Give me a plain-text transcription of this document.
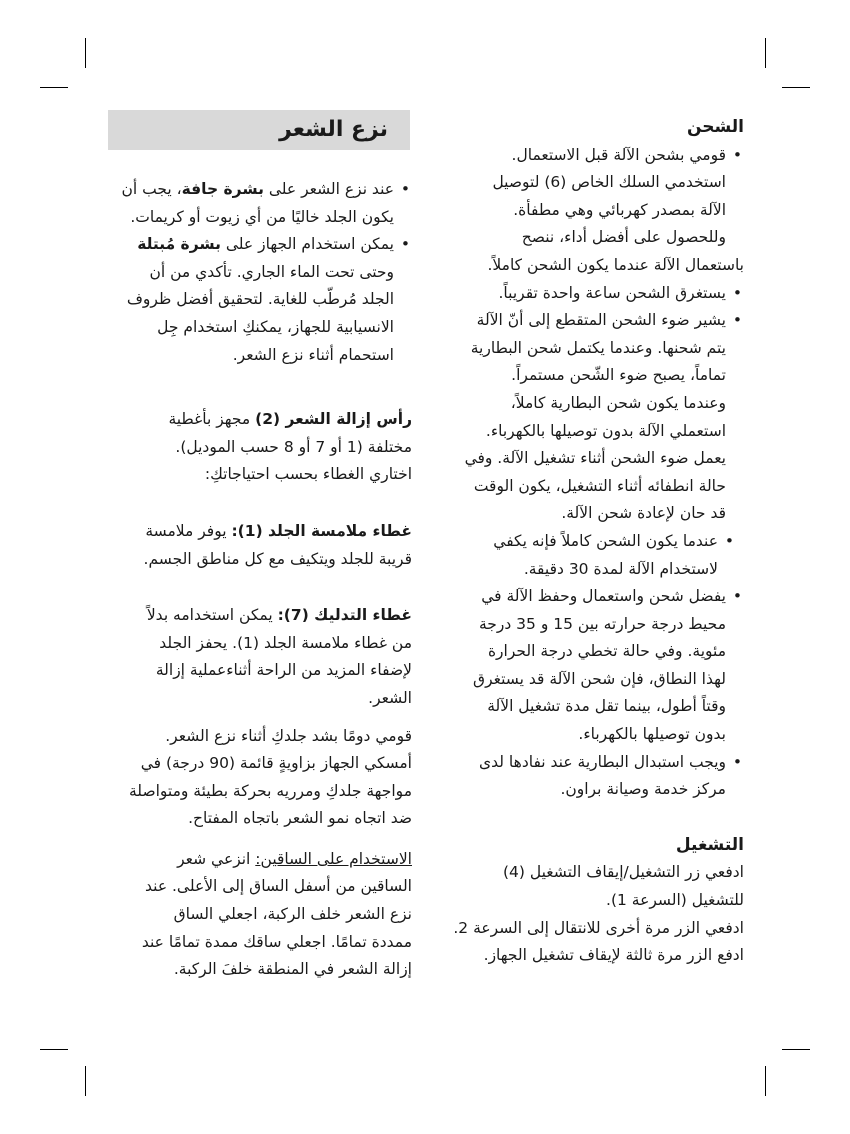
الشحن

• قومي بشحن الآلة قبل الاستعمال.
استخدمي السلك الخاص (6) لتوصيل
الآلة بمصدر كهربائي وهي مطفأة.
وللحصول على أفضل أداء، ننصح
باستعمال الآلة عندما يكون الشحن كاملاً.
• يستغرق الشحن ساعة واحدة تقريباً.
• يشير ضوء الشحن المتقطع إلى أنّ الآلة
يتم شحنها. وعندما يكتمل شحن البطارية
تماماً، يصبح ضوء الشّحن مستمراً.
وعندما يكون شحن البطارية كاملاً،
استعملي الآلة بدون توصيلها بالكهرباء.
يعمل ضوء الشحن أثناء تشغيل الآلة. وفي
حالة انطفائه أثناء التشغيل، يكون الوقت
قد حان لإعادة شحن الآلة.
• عندما يكون الشحن كاملاً فإنه يكفي
لاستخدام الآلة لمدة 30 دقيقة.
• يفضل شحن واستعمال وحفظ الآلة في
محيط درجة حرارته بين 15 و 35 درجة
مئوية. وفي حالة تخطي درجة الحرارة
لهذا النطاق، فإن شحن الآلة قد يستغرق
وقتاً أطول، بينما تقل مدة تشغيل الآلة
بدون توصيلها بالكهرباء.
• ويجب استبدال البطارية عند نفادها لدى
مركز خدمة وصيانة براون.

التشغيل

ادفعي زر التشغيل/إيقاف التشغيل (4)
للتشغيل (السرعة 1).
ادفعي الزر مرة أخرى للانتقال إلى السرعة 2.
ادفع الزر مرة ثالثة لإيقاف تشغيل الجهاز.
نزع الشعر
• عند نزع الشعر على بشرة جافة، يجب أن
يكون الجلد خاليًا من أي زيوت أو كريمات.
• يمكن استخدام الجهاز على بشرة مُبتلة
وحتى تحت الماء الجاري. تأكدي من أن
الجلد مُرطّب للغاية. لتحقيق أفضل ظروف
الانسيابية للجهاز، يمكنكِ استخدام جِل
استحمام أثناء نزع الشعر.
رأس إزالة الشعر (2) مجهز بأغطية
مختلفة (1 أو 7 أو 8 حسب الموديل).
اختاري الغطاء بحسب احتياجاتكِ:
غطاء ملامسة الجلد (1): يوفر ملامسة
قريبة للجلد ويتكيف مع كل مناطق الجسم.
غطاء التدليك (7): يمكن استخدامه بدلاً
من غطاء ملامسة الجلد (1). يحفز الجلد
لإضفاء المزيد من الراحة أثناءعملية إزالة
الشعر.
قومي دومًا بشد جلدكِ أثناء نزع الشعر.
أمسكي الجهاز بزاويةٍ قائمة (90 درجة) في
مواجهة جلدكِ ومرريه بحركة بطيئة ومتواصلة
ضد اتجاه نمو الشعر باتجاه المفتاح.
الاستخدام على الساقين: انزعي شعر
الساقين من أسفل الساق إلى الأعلى. عند
نزع الشعر خلف الركبة، اجعلي الساق
ممددة تمامًا. اجعلي ساقك ممدة تمامًا عند
إزالة الشعر في المنطقة خلفَ الركبة.
